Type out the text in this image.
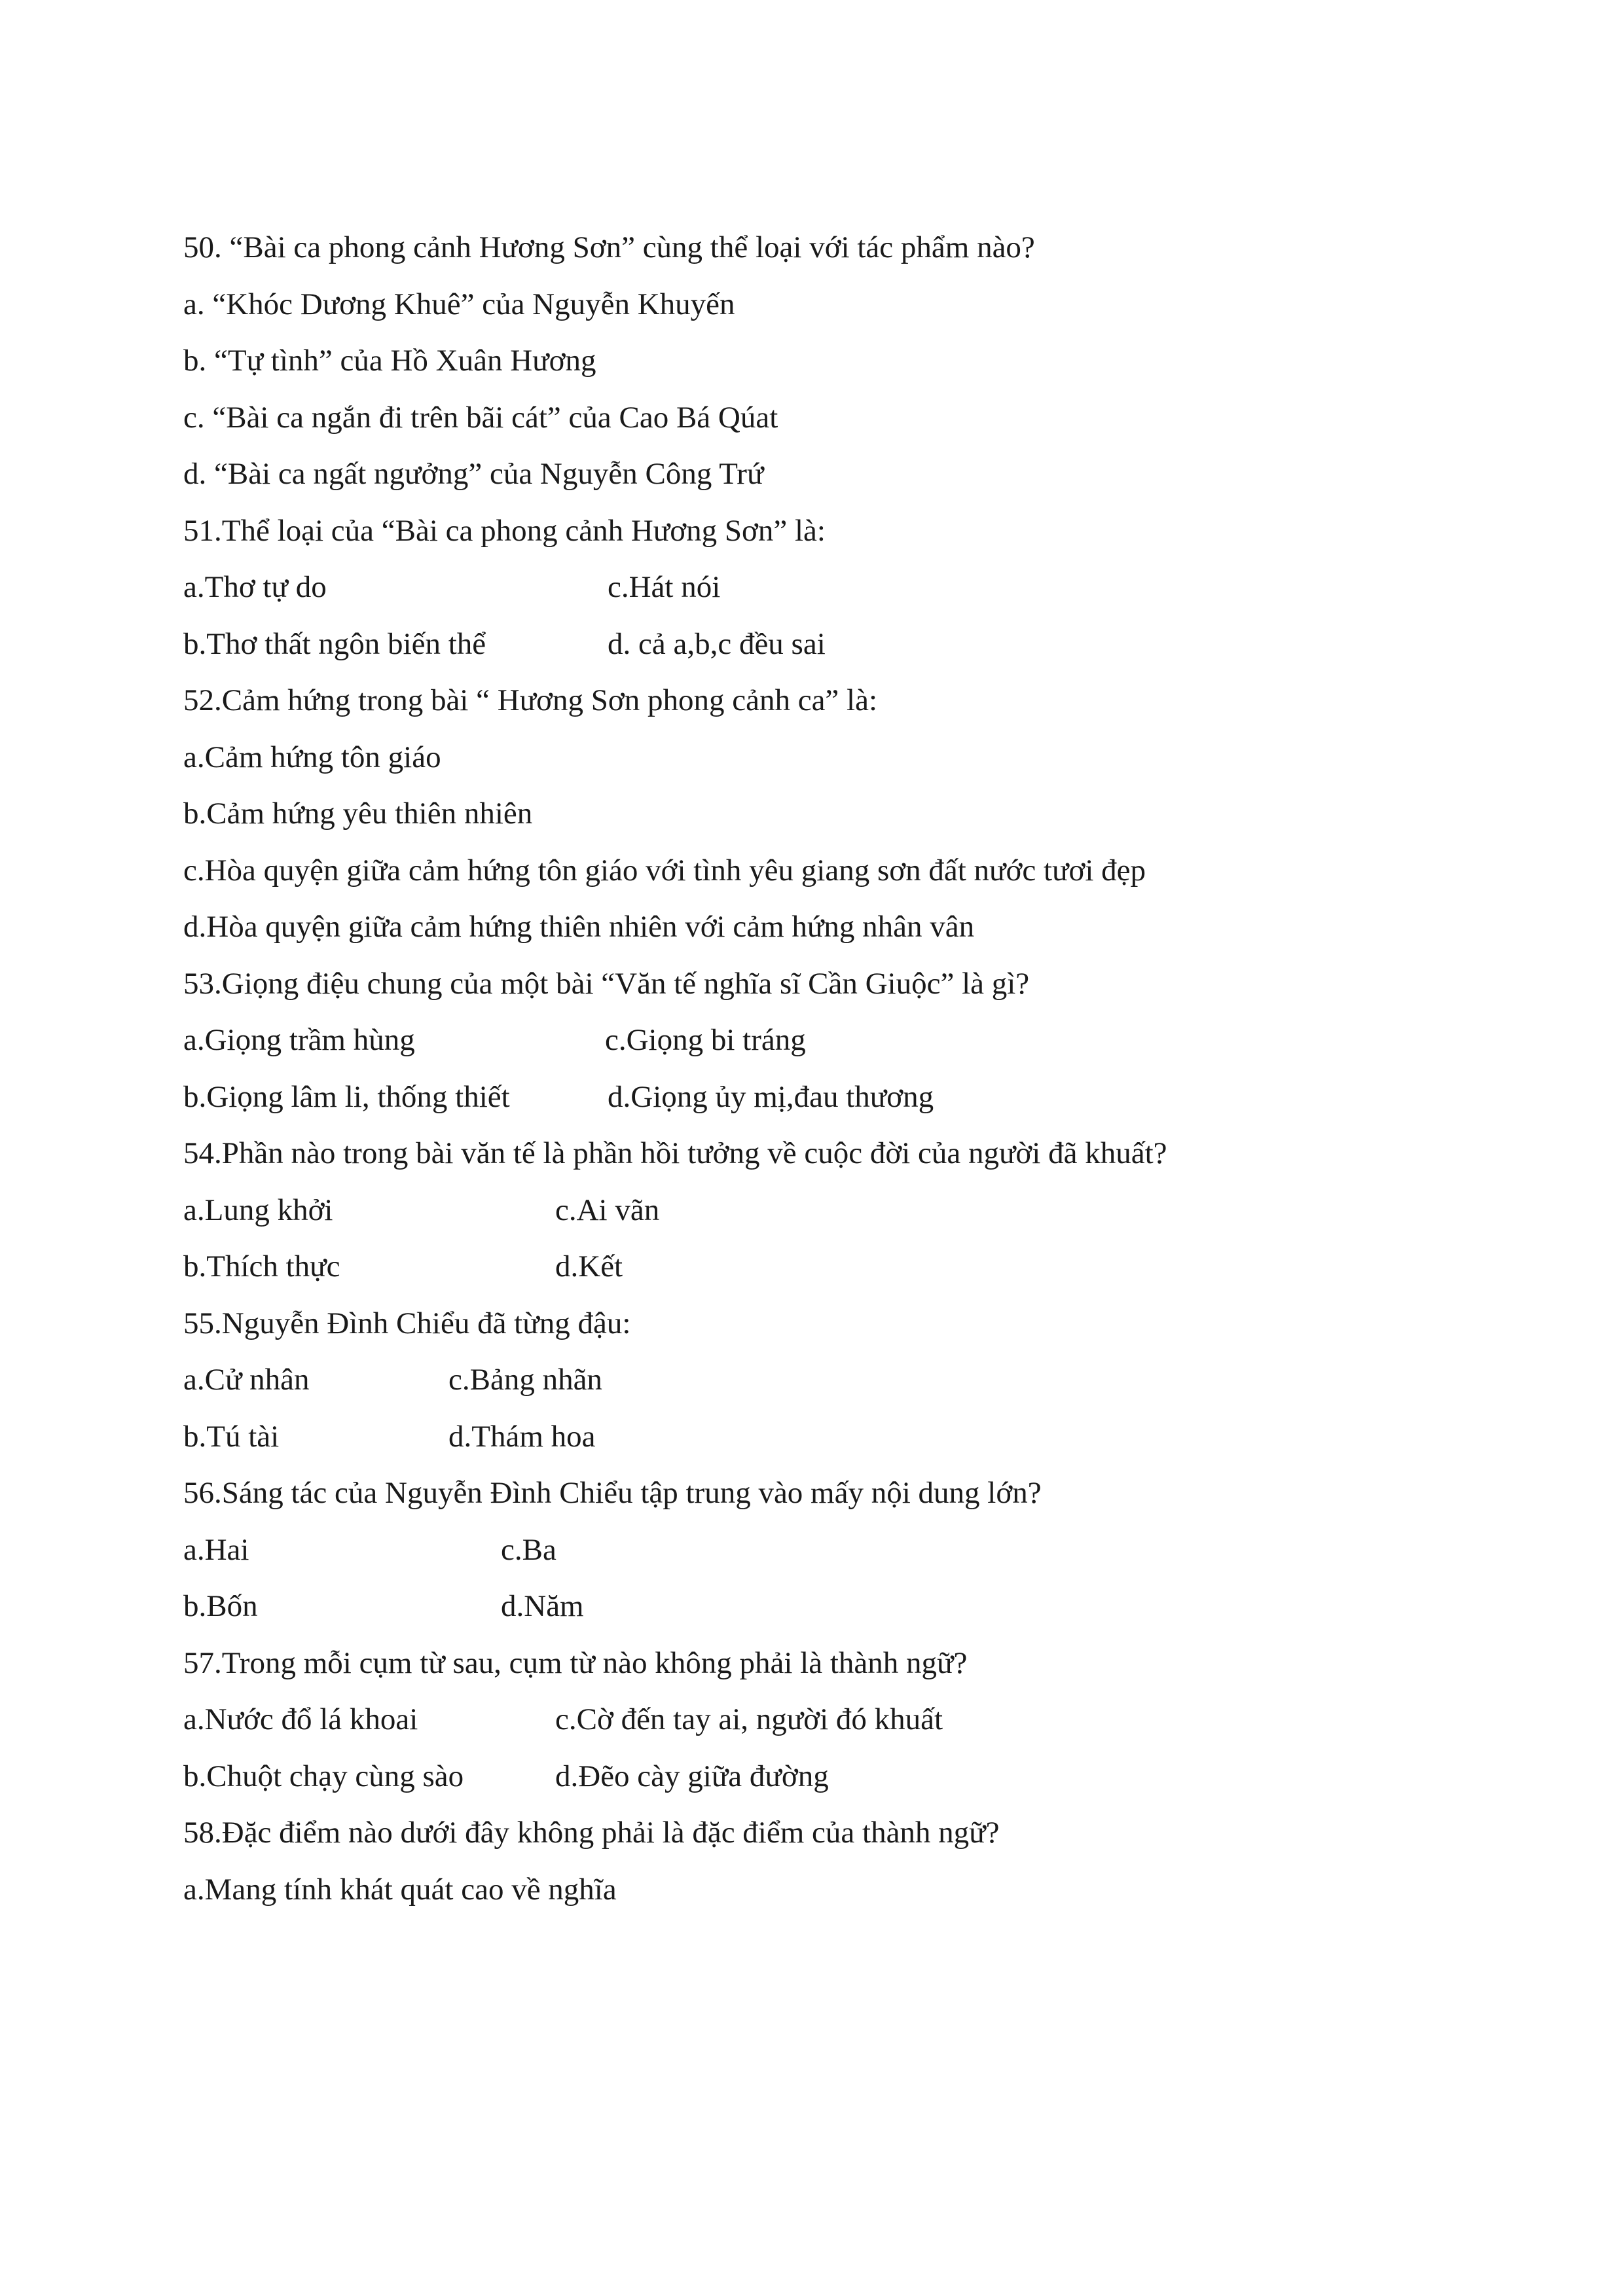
50. “Bài ca phong cảnh Hương Sơn” cùng thể loại với tác phẩm nào?
a. “Khóc Dương Khuê” của Nguyễn Khuyến
b. “Tự tình” của Hồ Xuân Hương
c. “Bài ca ngắn đi trên bãi cát” của Cao Bá Qúat
d. “Bài ca ngất ngưởng” của Nguyễn Công Trứ
51.Thể loại của “Bài ca phong cảnh Hương Sơn” là:
a.Thơ tự do	c.Hát nói
b.Thơ thất ngôn biến thể	d. cả a,b,c đều sai
52.Cảm hứng trong bài “ Hương Sơn phong cảnh ca” là:
a.Cảm hứng tôn giáo
b.Cảm hứng yêu thiên nhiên
c.Hòa quyện giữa cảm hứng tôn giáo với tình yêu giang sơn đất nước tươi đẹp
d.Hòa quyện giữa cảm hứng thiên nhiên với cảm hứng nhân vân
53.Giọng điệu chung của một bài “Văn tế nghĩa sĩ Cần Giuộc” là gì?
a.Giọng trầm hùng	c.Giọng bi tráng
b.Giọng lâm li, thống thiết	d.Giọng ủy mị,đau thương
54.Phần nào trong bài văn tế là phần hồi tưởng về cuộc đời của người đã khuất?
a.Lung khởi	c.Ai vãn
b.Thích thực	d.Kết
55.Nguyễn Đình Chiểu đã từng đậu:
a.Cử nhân	c.Bảng nhãn
b.Tú tài	d.Thám hoa
56.Sáng tác của Nguyễn Đình Chiểu tập trung vào mấy nội dung lớn?
a.Hai	c.Ba
b.Bốn	d.Năm
57.Trong mỗi cụm từ sau, cụm từ nào không phải là thành ngữ?
a.Nước đổ lá khoai	c.Cờ đến tay ai, người đó khuất
b.Chuột chạy cùng sào	d.Đẽo cày giữa đường
58.Đặc điểm nào dưới đây không phải là đặc điểm của thành ngữ?
a.Mang tính khát quát cao về nghĩa
